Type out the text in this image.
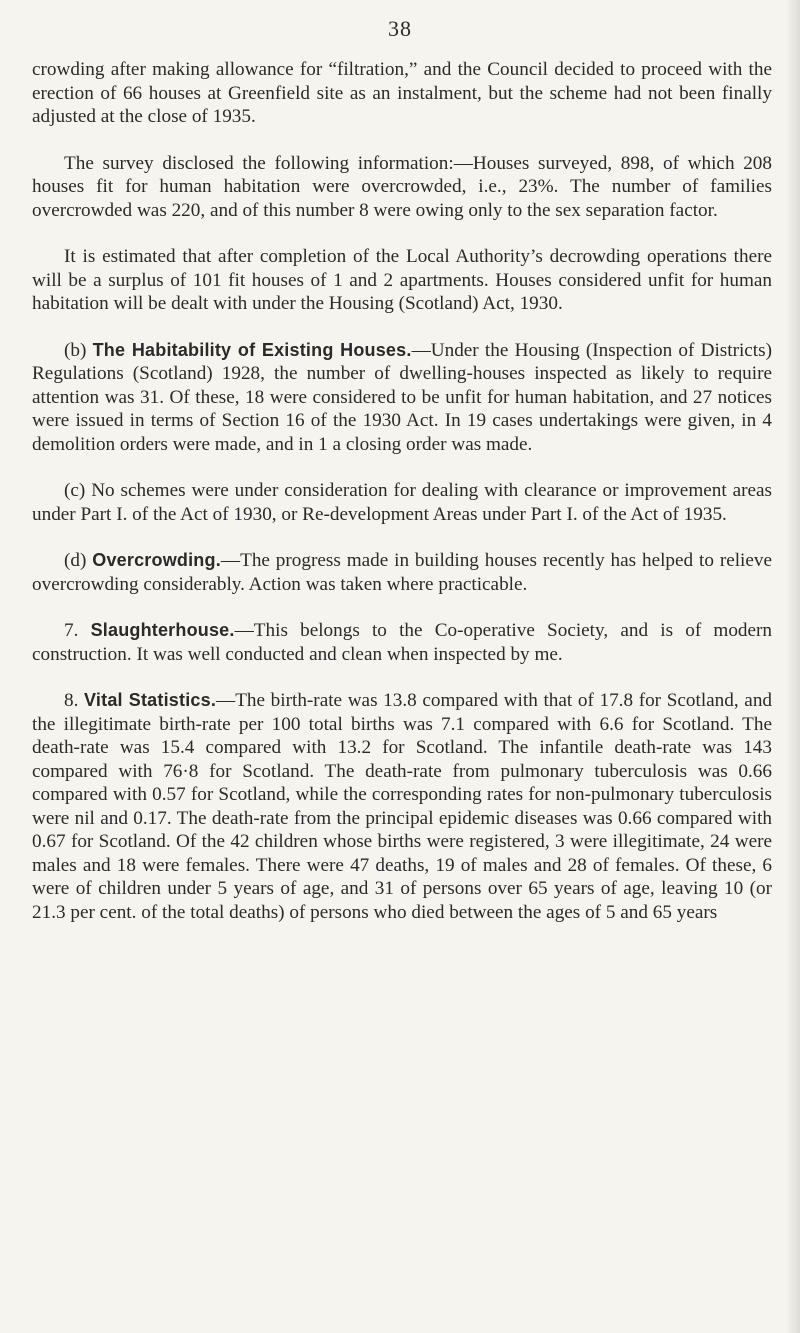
38

crowding after making allowance for “filtration,” and the Council decided to proceed with the erection of 66 houses at Greenfield site as an instalment, but the scheme had not been finally adjusted at the close of 1935.

The survey disclosed the following information:—Houses surveyed, 898, of which 208 houses fit for human habitation were overcrowded, i.e., 23%. The number of families overcrowded was 220, and of this number 8 were owing only to the sex separation factor.

It is estimated that after completion of the Local Authority’s decrowding operations there will be a surplus of 101 fit houses of 1 and 2 apartments. Houses considered unfit for human habitation will be dealt with under the Housing (Scotland) Act, 1930.

(b) The Habitability of Existing Houses.—Under the Housing (Inspection of Districts) Regulations (Scotland) 1928, the number of dwelling-houses inspected as likely to require attention was 31. Of these, 18 were considered to be unfit for human habitation, and 27 notices were issued in terms of Section 16 of the 1930 Act. In 19 cases undertakings were given, in 4 demolition orders were made, and in 1 a closing order was made.

(c) No schemes were under consideration for dealing with clearance or improvement areas under Part I. of the Act of 1930, or Re-development Areas under Part I. of the Act of 1935.

(d) Overcrowding.—The progress made in building houses recently has helped to relieve overcrowding considerably. Action was taken where practicable.

7. Slaughterhouse.—This belongs to the Co-operative Society, and is of modern construction. It was well conducted and clean when inspected by me.

8. Vital Statistics.—The birth-rate was 13.8 compared with that of 17.8 for Scotland, and the illegitimate birth-rate per 100 total births was 7.1 compared with 6.6 for Scotland. The death-rate was 15.4 compared with 13.2 for Scotland. The infantile death-rate was 143 compared with 76·8 for Scotland. The death-rate from pulmonary tuberculosis was 0.66 compared with 0.57 for Scotland, while the corresponding rates for non-pulmonary tuberculosis were nil and 0.17. The death-rate from the principal epidemic diseases was 0.66 compared with 0.67 for Scotland. Of the 42 children whose births were registered, 3 were illegitimate, 24 were males and 18 were females. There were 47 deaths, 19 of males and 28 of females. Of these, 6 were of children under 5 years of age, and 31 of persons over 65 years of age, leaving 10 (or 21.3 per cent. of the total deaths) of persons who died between the ages of 5 and 65 years
